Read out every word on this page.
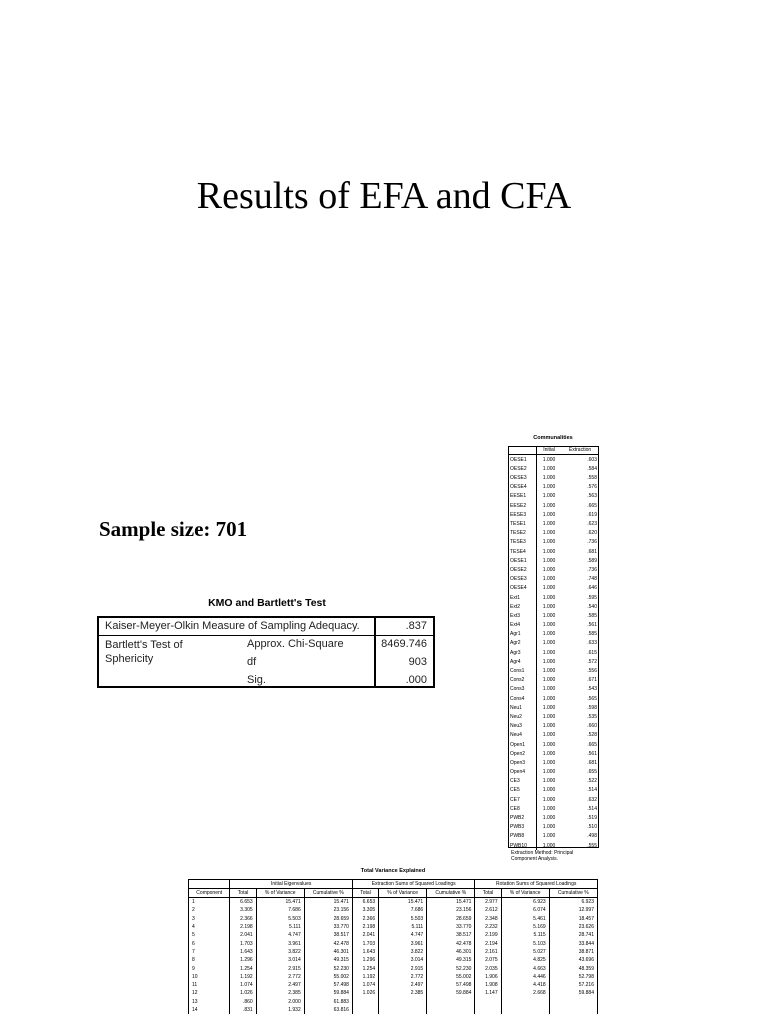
Results of EFA and CFA
Sample size: 701
KMO and Bartlett's Test
Kaiser-Meyer-Olkin Measure of Sampling Adequacy.	.837
Bartlett's Test of Sphericity
Approx. Chi-Square	8469.746
df	903
Sig.	.000
Communalities
	Initial	Extraction
OESE1	1.000	.603
OESE2	1.000	.584
OESE3	1.000	.558
OESE4	1.000	.576
EESE1	1.000	.563
EESE2	1.000	.665
EESE3	1.000	.619
TESE1	1.000	.623
TESE2	1.000	.620
TESE3	1.000	.736
TESE4	1.000	.681
OESE1	1.000	.589
OESE2	1.000	.736
OESE3	1.000	.748
OESE4	1.000	.646
Ext1	1.000	.595
Ext2	1.000	.540
Ext3	1.000	.585
Ext4	1.000	.561
Agr1	1.000	.585
Agr2	1.000	.633
Agr3	1.000	.615
Agr4	1.000	.572
Cons1	1.000	.556
Cons2	1.000	.671
Cons3	1.000	.543
Cons4	1.000	.565
Neu1	1.000	.598
Neu2	1.000	.535
Neu3	1.000	.660
Neu4	1.000	.528
Open1	1.000	.665
Open2	1.000	.561
Open3	1.000	.681
Open4	1.000	.655
CE3	1.000	.522
CE5	1.000	.514
CE7	1.000	.632
CE8	1.000	.514
PWB2	1.000	.519
PWB3	1.000	.510
PWB8	1.000	.498
PWB10	1.000	.555
Extraction Method: Principal Component Analysis.
Total Variance Explained
	Initial Eigenvalues			Extraction Sums of Squared Loadings			Rotation Sums of Squared Loadings		
Component	Total	% of Variance	Cumulative %	Total	% of Variance	Cumulative %	Total	% of Variance	Cumulative %
1	6.653	15.471	15.471	6.653	15.471	15.471	2.977	6.923	6.923
2	3.305	7.686	23.156	3.305	7.686	23.156	2.612	6.074	12.997
3	2.366	5.503	28.659	2.366	5.503	28.659	2.348	5.461	18.457
4	2.198	5.111	33.770	2.198	5.111	33.770	2.232	5.169	23.626
5	2.041	4.747	38.517	2.041	4.747	38.517	2.199	5.115	28.741
6	1.703	3.961	42.478	1.703	3.961	42.478	2.194	5.103	33.844
7	1.643	3.822	46.301	1.643	3.822	46.301	2.161	5.027	38.871
8	1.296	3.014	49.315	1.296	3.014	49.315	2.075	4.825	43.696
9	1.254	2.915	52.230	1.254	2.915	52.230	2.035	4.663	48.359
10	1.192	2.772	55.002	1.192	2.772	55.002	1.906	4.446	52.798
11	1.074	2.497	57.498	1.074	2.497	57.498	1.908	4.418	57.216
12	1.026	2.385	59.884	1.026	2.385	59.884	1.147	2.668	59.884
13	.860	2.000	61.883						
14	.831	1.932	63.816						
